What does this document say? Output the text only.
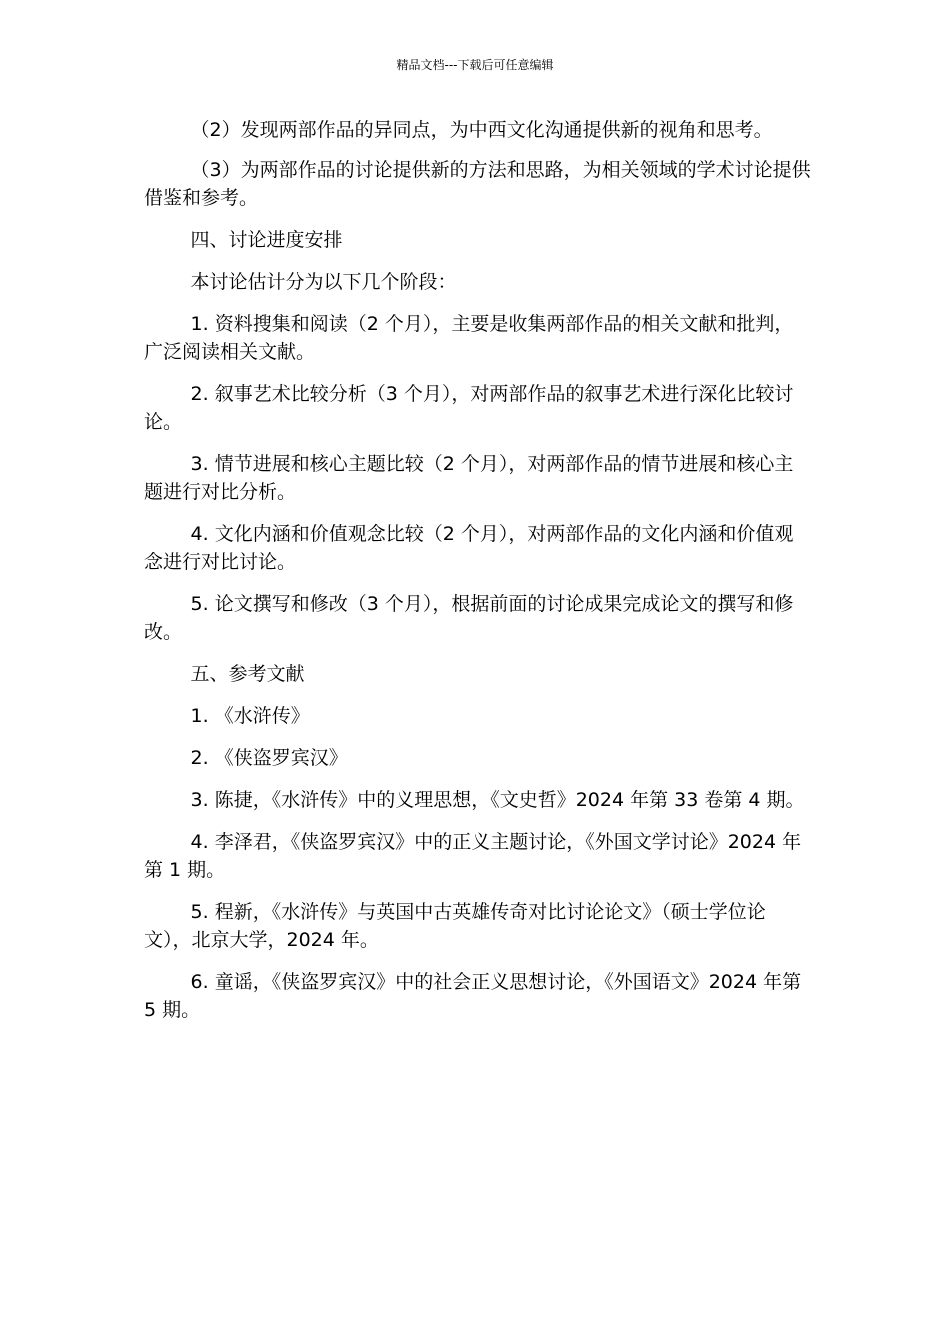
精品文档---下载后可任意编辑

（2）发现两部作品的异同点，为中西文化沟通提供新的视角和思考。

（3）为两部作品的讨论提供新的方法和思路，为相关领域的学术讨论提供借鉴和参考。

四、讨论进度安排

本讨论估计分为以下几个阶段：

1. 资料搜集和阅读（2 个月），主要是收集两部作品的相关文献和批判，广泛阅读相关文献。

2. 叙事艺术比较分析（3 个月），对两部作品的叙事艺术进行深化比较讨论。

3. 情节进展和核心主题比较（2 个月），对两部作品的情节进展和核心主题进行对比分析。

4. 文化内涵和价值观念比较（2 个月），对两部作品的文化内涵和价值观念进行对比讨论。

5. 论文撰写和修改（3 个月），根据前面的讨论成果完成论文的撰写和修改。

五、参考文献

1. 《水浒传》

2. 《侠盗罗宾汉》

3. 陈捷，《水浒传》中的义理思想，《文史哲》2024 年第 33 卷第 4 期。

4. 李泽君，《侠盗罗宾汉》中的正义主题讨论，《外国文学讨论》2024 年第 1 期。

5. 程新，《水浒传》与英国中古英雄传奇对比讨论论文》（硕士学位论文），北京大学，2024 年。

6. 童谣，《侠盗罗宾汉》中的社会正义思想讨论，《外国语文》2024 年第 5 期。
